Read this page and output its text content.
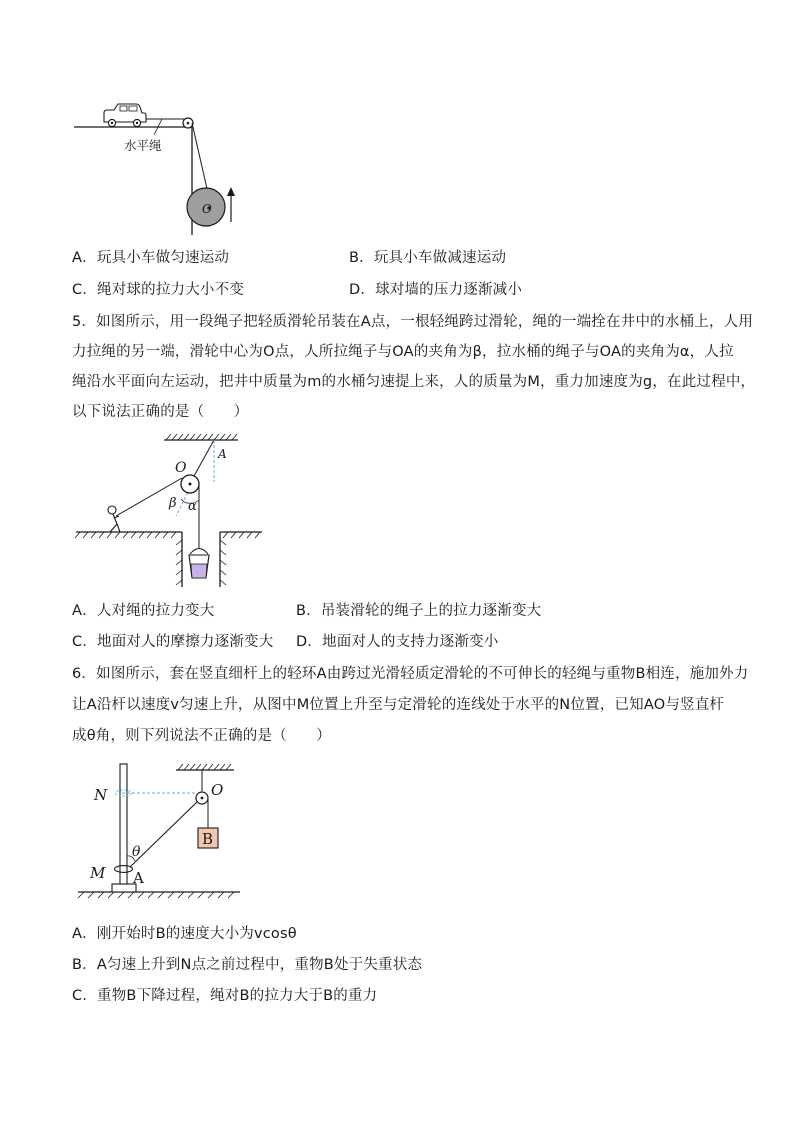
O
水平绳
A．玩具小车做匀速运动	B．玩具小车做减速运动
C．绳对球的拉力大小不变	D．球对墙的压力逐渐减小
5．如图所示，用一段绳子把轻质滑轮吊装在A点，一根轻绳跨过滑轮，绳的一端拴在井中的水桶上，人用
力拉绳的另一端，滑轮中心为O点，人所拉绳子与OA的夹角为β，拉水桶的绳子与OA的夹角为α，人拉
绳沿水平面向左运动，把井中质量为m的水桶匀速提上来，人的质量为M，重力加速度为g，在此过程中，
以下说法正确的是（　　）
O
A
β α
A．人对绳的拉力变大	B．吊装滑轮的绳子上的拉力逐渐变大
C．地面对人的摩擦力逐渐变大 D．地面对人的支持力逐渐变小
6．如图所示，套在竖直细杆上的轻环A由跨过光滑轻质定滑轮的不可伸长的轻绳与重物B相连，施加外力
让A沿杆以速度v匀速上升，从图中M位置上升至与定滑轮的连线处于水平的N位置，已知AO与竖直杆
成θ角，则下列说法不正确的是（　　）
B
N	O
θ
M A
A．刚开始时B的速度大小为vcosθ
B．A匀速上升到N点之前过程中，重物B处于失重状态
C．重物B下降过程，绳对B的拉力大于B的重力
